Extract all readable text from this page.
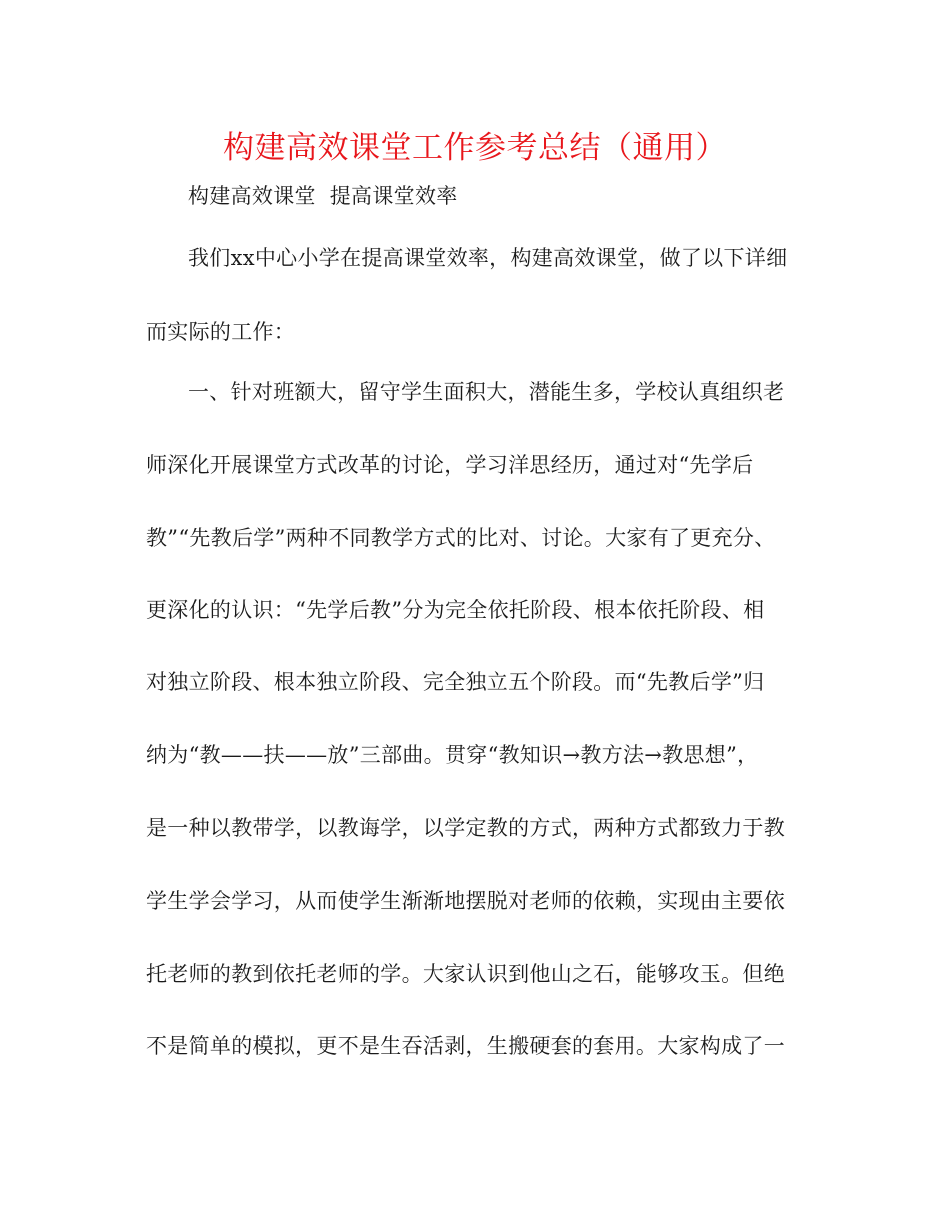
构建高效课堂工作参考总结（通用）
构建高效课堂  提高课堂效率
我们xx中心小学在提高课堂效率，构建高效课堂，做了以下详细
而实际的工作：
一、针对班额大，留守学生面积大，潜能生多，学校认真组织老
师深化开展课堂方式改革的讨论，学习洋思经历，通过对“先学后
教”“先教后学”两种不同教学方式的比对、讨论。大家有了更充分、
更深化的认识：“先学后教”分为完全依托阶段、根本依托阶段、相
对独立阶段、根本独立阶段、完全独立五个阶段。而“先教后学”归
纳为“教——扶——放”三部曲。贯穿“教知识→教方法→教思想”，
是一种以教带学，以教诲学，以学定教的方式，两种方式都致力于教
学生学会学习，从而使学生渐渐地摆脱对老师的依赖，实现由主要依
托老师的教到依托老师的学。大家认识到他山之石，能够攻玉。但绝
不是简单的模拟，更不是生吞活剥，生搬硬套的套用。大家构成了一
